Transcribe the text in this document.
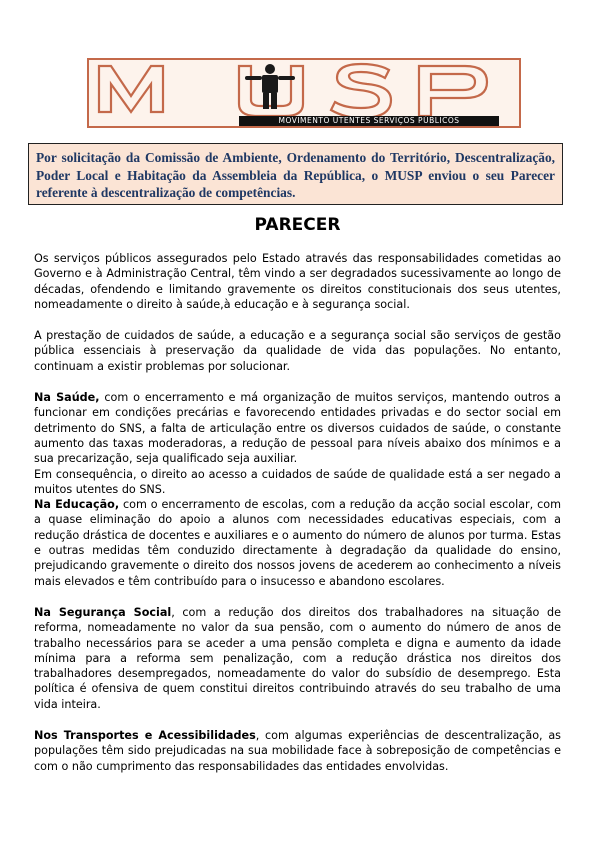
MOVIMENTO UTENTES SERVIÇOS PÚBLICOS
Por solicitação da Comissão de Ambiente, Ordenamento do Território, Descentralização, Poder Local e Habitação da Assembleia da República, o MUSP enviou o seu Parecer referente à descentralização de competências.
PARECER

Os serviços públicos assegurados pelo Estado através das responsabilidades cometidas ao Governo e à Administração Central, têm vindo a ser degradados sucessivamente ao longo de décadas, ofendendo e limitando gravemente os direitos constitucionais dos seus utentes, nomeadamente o direito à saúde,à educação e à segurança social.

A prestação de cuidados de saúde, a educação e a segurança social são serviços de gestão pública essenciais à preservação da qualidade de vida das populações. No entanto, continuam a existir problemas por solucionar.

Na Saúde, com o encerramento e má organização de muitos serviços, mantendo outros a funcionar em condições precárias e favorecendo entidades privadas e do sector social em detrimento do SNS, a falta de articulação entre os diversos cuidados de saúde, o constante aumento das taxas moderadoras, a redução de pessoal para níveis abaixo dos mínimos e a sua precarização, seja qualificado seja auxiliar.

Em consequência, o direito ao acesso a cuidados de saúde de qualidade está a ser negado a muitos utentes do SNS.

Na Educação, com o encerramento de escolas, com a redução da acção social escolar, com a quase eliminação do apoio a alunos com necessidades educativas especiais, com a redução drástica de docentes e auxiliares e o aumento do número de alunos por turma. Estas e outras medidas têm conduzido directamente à degradação da qualidade do ensino, prejudicando gravemente o direito dos nossos jovens de acederem ao conhecimento a níveis mais elevados e têm contribuído para o insucesso e abandono escolares.

Na Segurança Social, com a redução dos direitos dos trabalhadores na situação de reforma, nomeadamente no valor da sua pensão, com o aumento do número de anos de trabalho necessários para se aceder a uma pensão completa e digna e aumento da idade mínima para a reforma sem penalização, com a redução drástica nos direitos dos trabalhadores desempregados, nomeadamente do valor do subsídio de desemprego. Esta política é ofensiva de quem constitui direitos contribuindo através do seu trabalho de uma vida inteira.

Nos Transportes e Acessibilidades, com algumas experiências de descentralização, as populações têm sido prejudicadas na sua mobilidade face à sobreposição de competências e com o não cumprimento das responsabilidades das entidades envolvidas.
